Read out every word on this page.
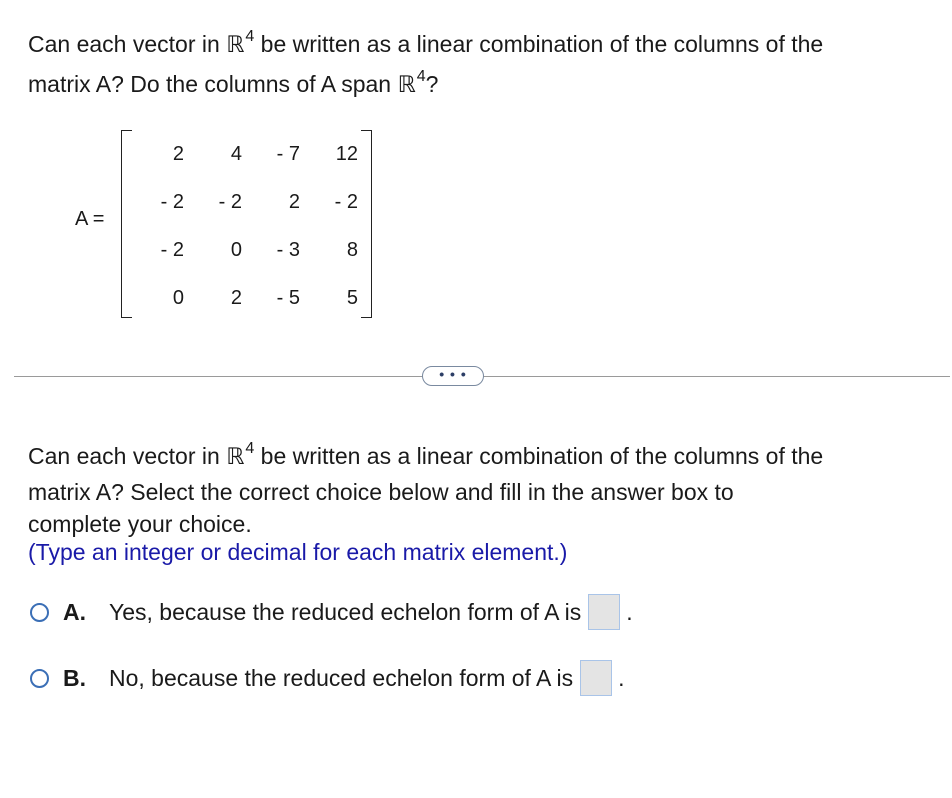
Can each vector in ℝ$^4$ be written as a linear combination of the columns of the
matrix A? Do the columns of A span ℝ$^4$?
A =
2	4	- 7	12
- 2	- 2	2	- 2
- 2	0	- 3	8
0	2	- 5	5
• • •
Can each vector in ℝ$^4$ be written as a linear combination of the columns of the
matrix A? Select the correct choice below and fill in the answer box to
complete your choice.
(Type an integer or decimal for each matrix element.)
A.	Yes, because the reduced echelon form of A is .
B.	No, because the reduced echelon form of A is .
